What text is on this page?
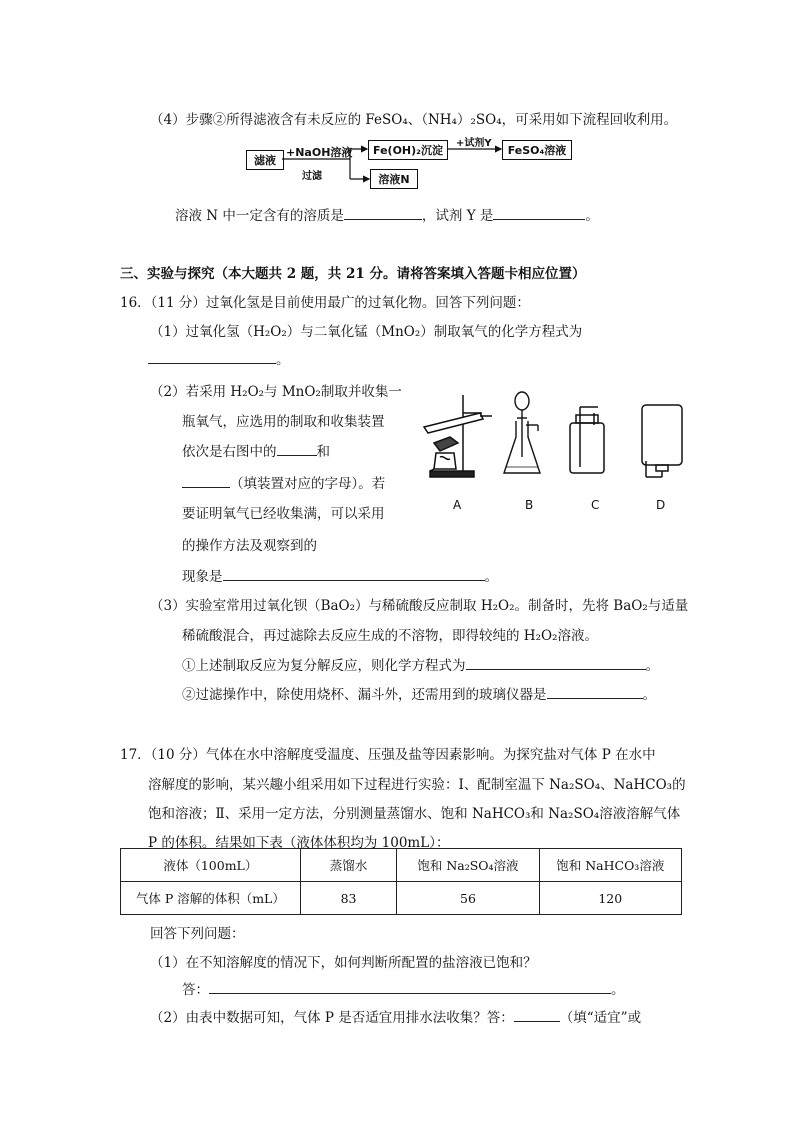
（4）步骤②所得滤液含有未反应的 FeSO₄、（NH₄）₂SO₄，可采用如下流程回收利用。
滤液
+NaOH溶液
过滤
Fe(OH)₂沉淀
+试剂Y
FeSO₄溶液
溶液N
溶液 N 中一定含有的溶质是	，试剂 Y 是	。
三、实验与探究（本大题共 2 题，共 21 分。请将答案填入答题卡相应位置）
16．（11 分）过氧化氢是目前使用最广的过氧化物。回答下列问题：
（1）过氧化氢（H₂O₂）与二氧化锰（MnO₂）制取氧气的化学方程式为
。
（2）若采用 H₂O₂与 MnO₂制取并收集一
瓶氧气，应选用的制取和收集装置
依次是右图中的	和
（填装置对应的字母）。若
要证明氧气已经收集满，可以采用
的操作方法及观察到的
现象是	。
A	B	C	D
（3）实验室常用过氧化钡（BaO₂）与稀硫酸反应制取 H₂O₂。制备时，先将 BaO₂与适量
稀硫酸混合，再过滤除去反应生成的不溶物，即得较纯的 H₂O₂溶液。
①上述制取反应为复分解反应，则化学方程式为	。
②过滤操作中，除使用烧杯、漏斗外，还需用到的玻璃仪器是	。
17．（10 分）气体在水中溶解度受温度、压强及盐等因素影响。为探究盐对气体 P 在水中
溶解度的影响，某兴趣小组采用如下过程进行实验：Ⅰ、配制室温下 Na₂SO₄、NaHCO₃的
饱和溶液；Ⅱ、采用一定方法，分别测量蒸馏水、饱和 NaHCO₃和 Na₂SO₄溶液溶解气体
P 的体积。结果如下表（液体体积均为 100mL）：
液体（100mL）	蒸馏水	饱和 Na₂SO₄溶液	饱和 NaHCO₃溶液
气体 P 溶解的体积（mL）	83	56	120
回答下列问题：
（1）在不知溶解度的情况下，如何判断所配置的盐溶液已饱和？
答：	。
（2）由表中数据可知，气体 P 是否适宜用排水法收集？答：	（填“适宜”或
